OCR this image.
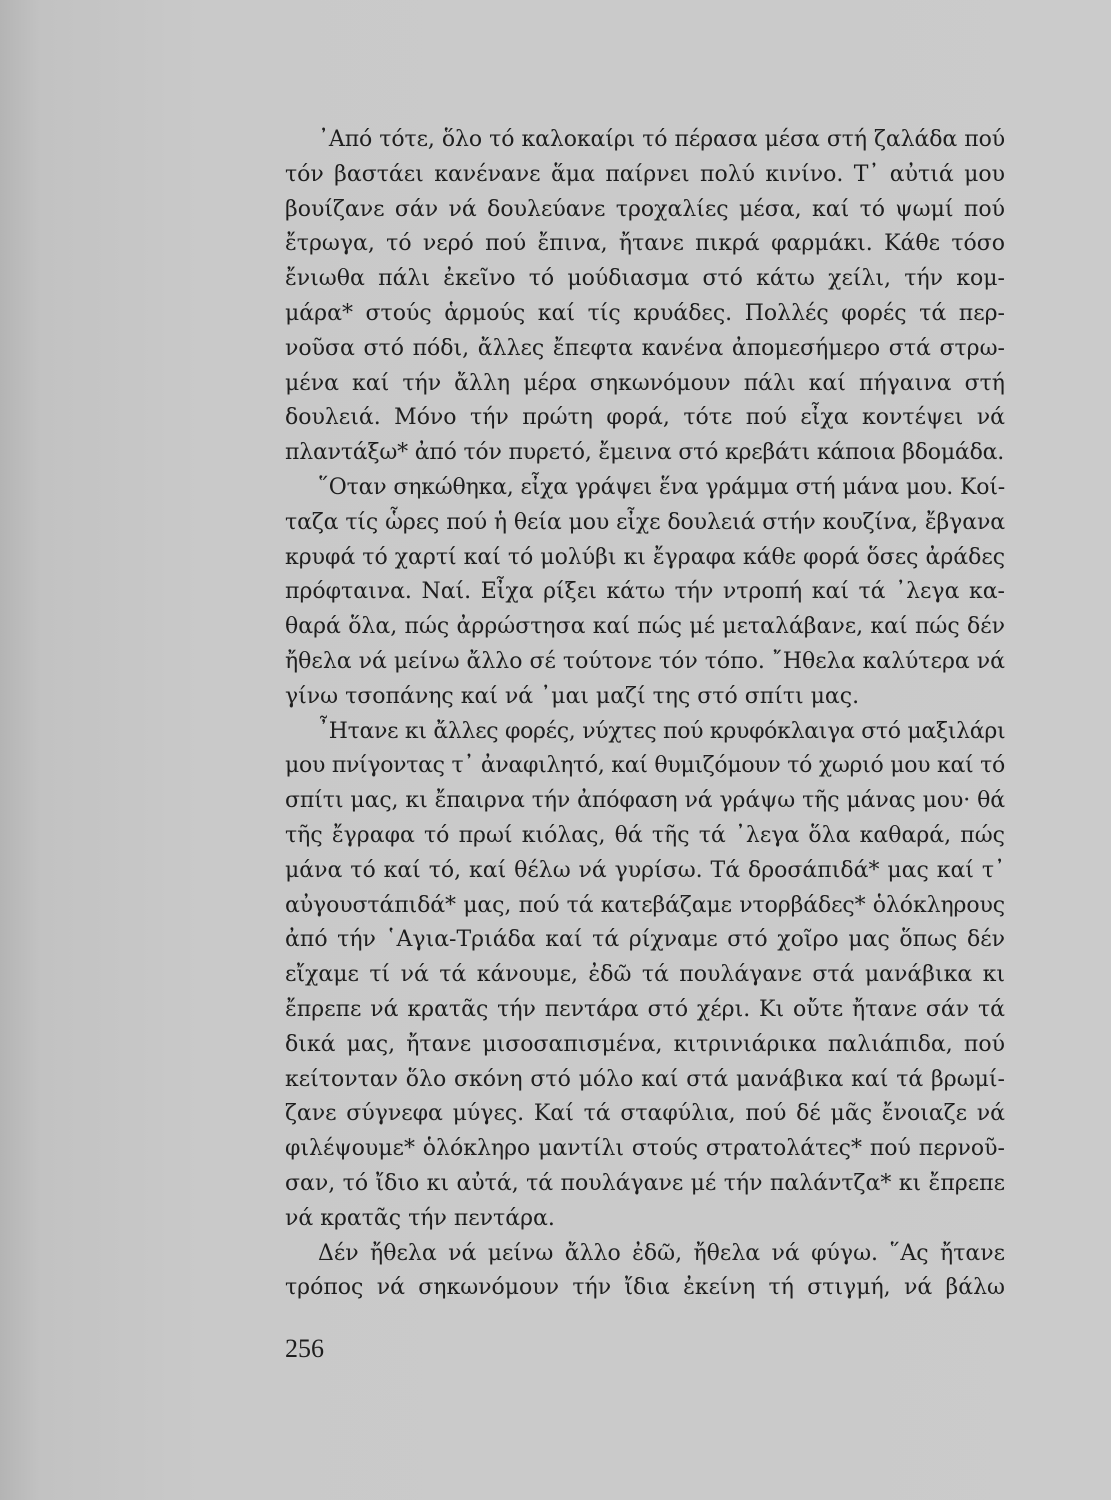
᾿Από τότε, ὅλο τό καλοκαίρι τό πέρασα μέσα στή ζαλάδα πού
τόν βαστάει κανένανε ἅμα παίρνει πολύ κινίνο. Τ᾿ αὐτιά μου
βουίζανε σάν νά δουλεύανε τροχαλίες μέσα, καί τό ψωμί πού
ἔτρωγα, τό νερό πού ἔπινα, ἤτανε πικρά φαρμάκι. Κάθε τόσο
ἔνιωθα πάλι ἐκεῖνο τό μούδιασμα στό κάτω χείλι, τήν κομ-
μάρα* στούς ἁρμούς καί τίς κρυάδες. Πολλές φορές τά περ-
νοῦσα στό πόδι, ἄλλες ἔπεφτα κανένα ἀπομεσήμερο στά στρω-
μένα καί τήν ἄλλη μέρα σηκωνόμουν πάλι καί πήγαινα στή
δουλειά. Μόνο τήν πρώτη φορά, τότε πού εἶχα κοντέψει νά
πλαντάξω* ἀπό τόν πυρετό, ἔμεινα στό κρεβάτι κάποια βδομάδα.
῞Οταν σηκώθηκα, εἶχα γράψει ἕνα γράμμα στή μάνα μου. Κοί-
ταζα τίς ὧρες πού ἡ θεία μου εἶχε δουλειά στήν κουζίνα, ἔβγανα
κρυφά τό χαρτί καί τό μολύβι κι ἔγραφα κάθε φορά ὅσες ἀράδες
πρόφταινα. Ναί. Εἶχα ρίξει κάτω τήν ντροπή καί τά ᾿λεγα κα-
θαρά ὅλα, πώς ἀρρώστησα καί πώς μέ μεταλάβανε, καί πώς δέν
ἤθελα νά μείνω ἄλλο σέ τούτονε τόν τόπο. ῎Ηθελα καλύτερα νά
γίνω τσοπάνης καί νά ᾿μαι μαζί της στό σπίτι μας.
῏Ητανε κι ἄλλες φορές, νύχτες πού κρυφόκλαιγα στό μαξιλάρι
μου πνίγοντας τ᾿ ἀναφιλητό, καί θυμιζόμουν τό χωριό μου καί τό
σπίτι μας, κι ἔπαιρνα τήν ἀπόφαση νά γράψω τῆς μάνας μου· θά
τῆς ἔγραφα τό πρωί κιόλας, θά τῆς τά ᾿λεγα ὅλα καθαρά, πώς
μάνα τό καί τό, καί θέλω νά γυρίσω. Τά δροσάπιδά* μας καί τ᾿
αὐγουστάπιδά* μας, πού τά κατεβάζαμε ντορβάδες* ὁλόκληρους
ἀπό τήν ῾Αγια-Τριάδα καί τά ρίχναμε στό χοῖρο μας ὅπως δέν
εἴχαμε τί νά τά κάνουμε, ἐδῶ τά πουλάγανε στά μανάβικα κι
ἔπρεπε νά κρατᾶς τήν πεντάρα στό χέρι. Κι οὔτε ἤτανε σάν τά
δικά μας, ἤτανε μισοσαπισμένα, κιτρινιάρικα παλιάπιδα, πού
κείτονταν ὅλο σκόνη στό μόλο καί στά μανάβικα καί τά βρωμί-
ζανε σύγνεφα μύγες. Καί τά σταφύλια, πού δέ μᾶς ἔνοιαζε νά
φιλέψουμε* ὁλόκληρο μαντίλι στούς στρατολάτες* πού περνοῦ-
σαν, τό ἴδιο κι αὐτά, τά πουλάγανε μέ τήν παλάντζα* κι ἔπρεπε
νά κρατᾶς τήν πεντάρα.
Δέν ἤθελα νά μείνω ἄλλο ἐδῶ, ἤθελα νά φύγω. ῞Ας ἤτανε
τρόπος νά σηκωνόμουν τήν ἴδια ἐκείνη τή στιγμή, νά βάλω
256
